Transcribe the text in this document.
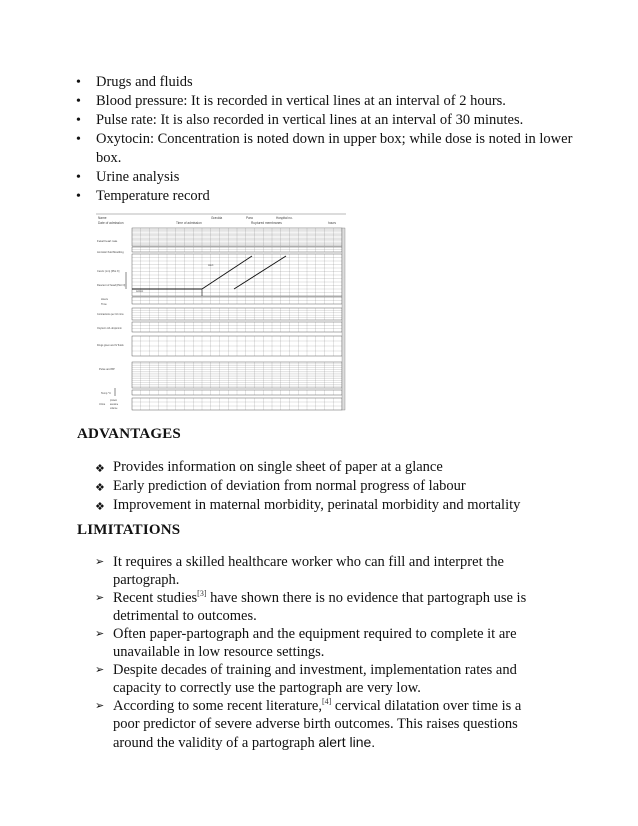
• Drugs and fluids
• Blood pressure: It is recorded in vertical lines at an interval of 2 hours.
• Pulse rate: It is also recorded in vertical lines at an interval of 30 minutes.
• Oxytocin: Concentration is noted down in upper box; while dose is noted in lower box.
• Urine analysis
• Temperature record
Name	Gravida	Para	Hospital no.
Date of admission	Time of admission	Ruptured membranes	hours
Fetal heart rate
Amniotic fluid Moulding
Cervix (cm) [Plot X]
Descent of head [Plot O]
Hours
Time
Contractions per 10 mins
Oxytocin U/L drops/min
Drugs given and IV fluids
Pulse and BP
Temp °C
protein
acetone
volume
Urine
Alert
Action
ADVANTAGES
❖ Provides information on single sheet of paper at a glance
❖ Early prediction of deviation from normal progress of labour
❖ Improvement in maternal morbidity, perinatal morbidity and mortality
LIMITATIONS
➢ It requires a skilled healthcare worker who can fill and interpret the partograph.
➢ Recent studies[3] have shown there is no evidence that partograph use is detrimental to outcomes.
➢ Often paper-partograph and the equipment required to complete it are unavailable in low resource settings.
➢ Despite decades of training and investment, implementation rates and capacity to correctly use the partograph are very low.
➢ According to some recent literature,[4] cervical dilatation over time is a poor predictor of severe adverse birth outcomes. This raises questions around the validity of a partograph alert line.
